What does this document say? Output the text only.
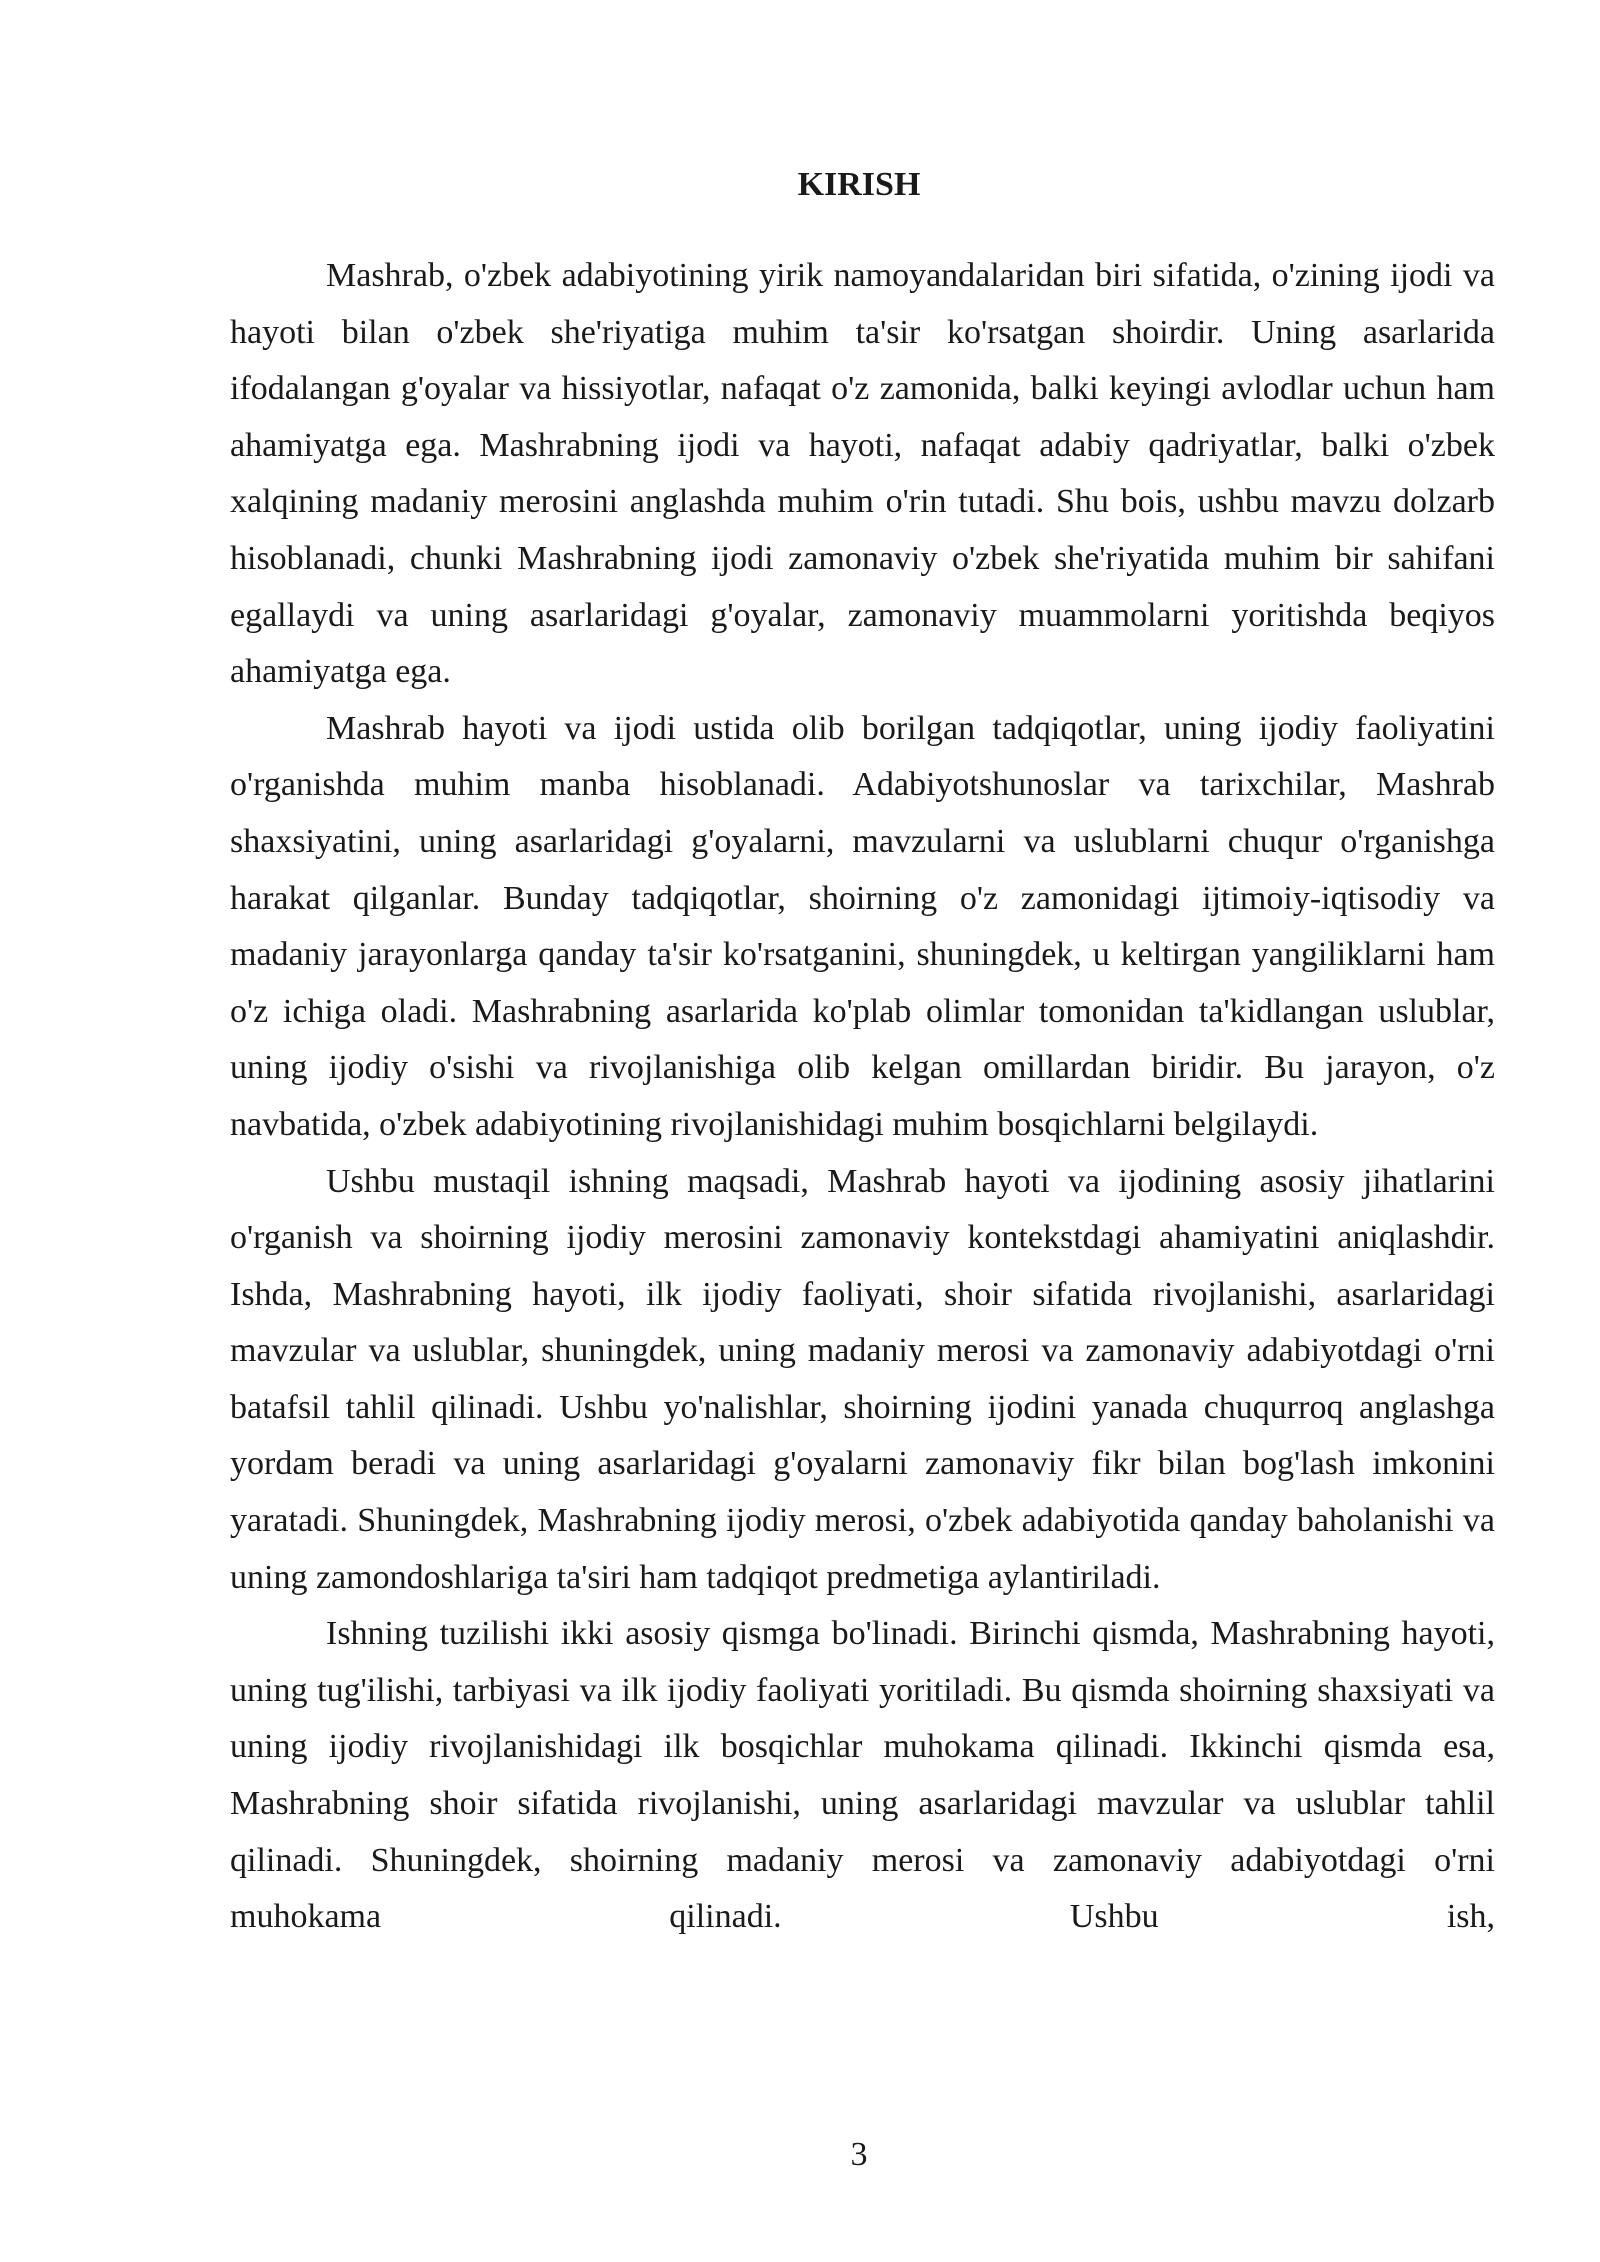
KIRISH

Mashrab, o'zbek adabiyotining yirik namoyandalaridan biri sifatida, o'zining ijodi va hayoti bilan o'zbek she'riyatiga muhim ta'sir ko'rsatgan shoirdir. Uning asarlarida ifodalangan g'oyalar va hissiyotlar, nafaqat o'z zamonida, balki keyingi avlodlar uchun ham ahamiyatga ega. Mashrabning ijodi va hayoti, nafaqat adabiy qadriyatlar, balki o'zbek xalqining madaniy merosini anglashda muhim o'rin tutadi. Shu bois, ushbu mavzu dolzarb hisoblanadi, chunki Mashrabning ijodi zamonaviy o'zbek she'riyatida muhim bir sahifani egallaydi va uning asarlaridagi g'oyalar, zamonaviy muammolarni yoritishda beqiyos ahamiyatga ega.

Mashrab hayoti va ijodi ustida olib borilgan tadqiqotlar, uning ijodiy faoliyatini o'rganishda muhim manba hisoblanadi. Adabiyotshunoslar va tarixchilar, Mashrab shaxsiyatini, uning asarlaridagi g'oyalarni, mavzularni va uslublarni chuqur o'rganishga harakat qilganlar. Bunday tadqiqotlar, shoirning o'z zamonidagi ijtimoiy-iqtisodiy va madaniy jarayonlarga qanday ta'sir ko'rsatganini, shuningdek, u keltirgan yangiliklarni ham o'z ichiga oladi. Mashrabning asarlarida ko'plab olimlar tomonidan ta'kidlangan uslublar, uning ijodiy o'sishi va rivojlanishiga olib kelgan omillardan biridir. Bu jarayon, o'z navbatida, o'zbek adabiyotining rivojlanishidagi muhim bosqichlarni belgilaydi.

Ushbu mustaqil ishning maqsadi, Mashrab hayoti va ijodining asosiy jihatlarini o'rganish va shoirning ijodiy merosini zamonaviy kontekstdagi ahamiyatini aniqlashdir. Ishda, Mashrabning hayoti, ilk ijodiy faoliyati, shoir sifatida rivojlanishi, asarlaridagi mavzular va uslublar, shuningdek, uning madaniy merosi va zamonaviy adabiyotdagi o'rni batafsil tahlil qilinadi. Ushbu yo'nalishlar, shoirning ijodini yanada chuqurroq anglashga yordam beradi va uning asarlaridagi g'oyalarni zamonaviy fikr bilan bog'lash imkonini yaratadi. Shuningdek, Mashrabning ijodiy merosi, o'zbek adabiyotida qanday baholanishi va uning zamondoshlariga ta'siri ham tadqiqot predmetiga aylantiriladi.

Ishning tuzilishi ikki asosiy qismga bo'linadi. Birinchi qismda, Mashrabning hayoti, uning tug'ilishi, tarbiyasi va ilk ijodiy faoliyati yoritiladi. Bu qismda shoirning shaxsiyati va uning ijodiy rivojlanishidagi ilk bosqichlar muhokama qilinadi. Ikkinchi qismda esa, Mashrabning shoir sifatida rivojlanishi, uning asarlaridagi mavzular va uslublar tahlil qilinadi. Shuningdek, shoirning madaniy merosi va zamonaviy adabiyotdagi o'rni muhokama qilinadi. Ushbu ish,

3
